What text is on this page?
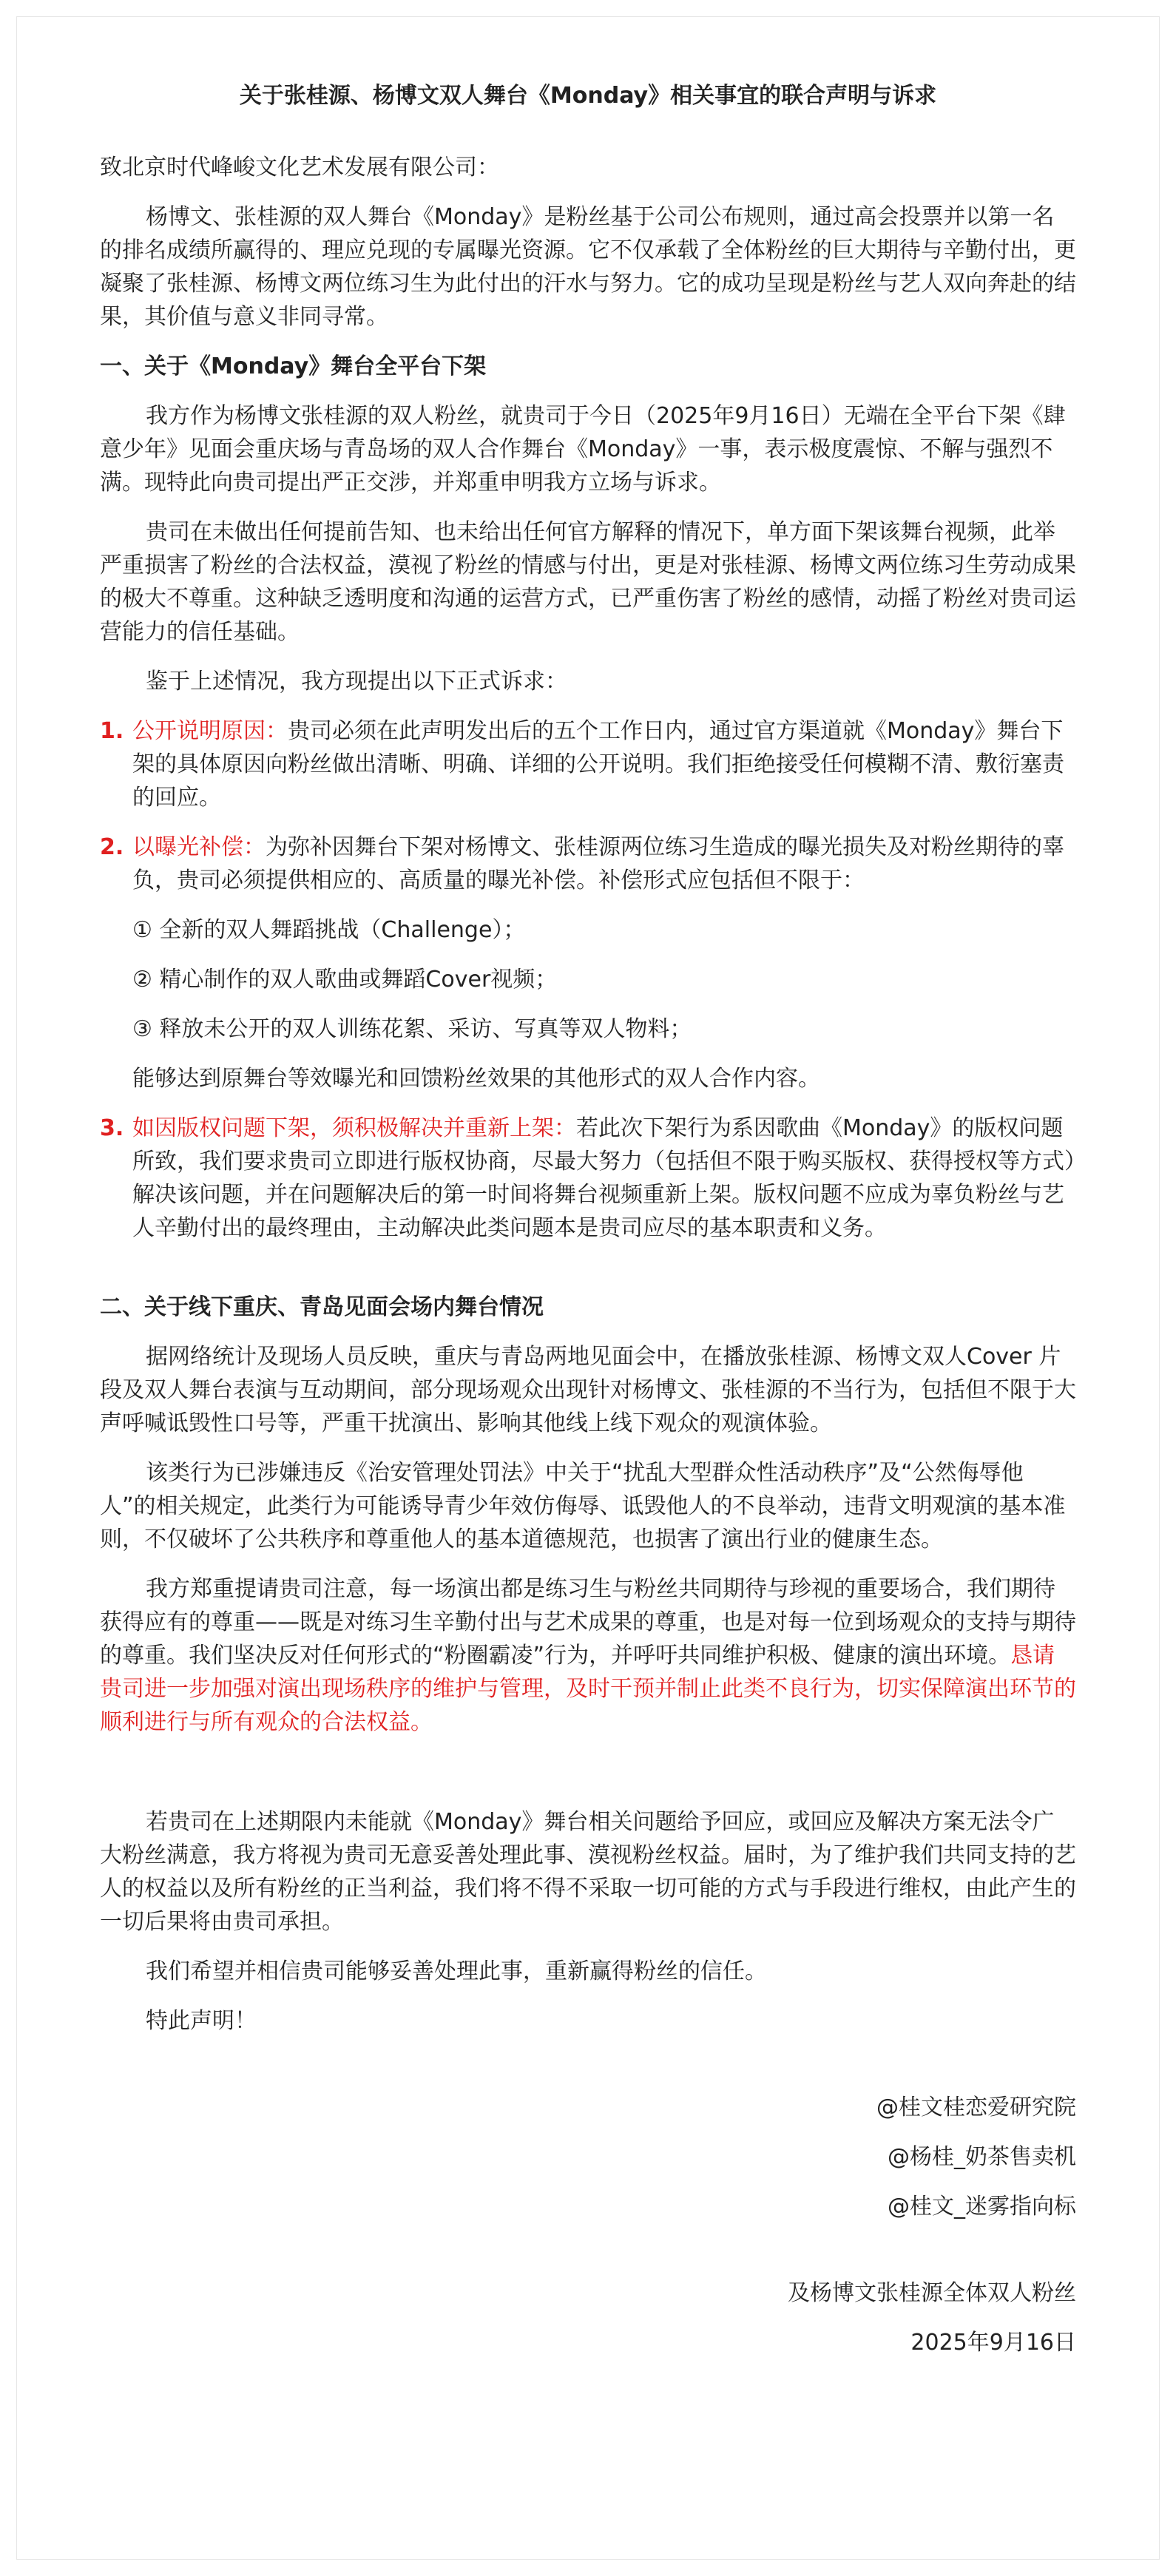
关于张桂源、杨博文双人舞台《Monday》相关事宜的联合声明与诉求

致北京时代峰峻文化艺术发展有限公司：

杨博文、张桂源的双人舞台《Monday》是粉丝基于公司公布规则，通过高会投票并以第一名的排名成绩所赢得的、理应兑现的专属曝光资源。它不仅承载了全体粉丝的巨大期待与辛勤付出，更凝聚了张桂源、杨博文两位练习生为此付出的汗水与努力。它的成功呈现是粉丝与艺人双向奔赴的结果，其价值与意义非同寻常。

一、关于《Monday》舞台全平台下架

我方作为杨博文张桂源的双人粉丝，就贵司于今日（2025年9月16日）无端在全平台下架《肆意少年》见面会重庆场与青岛场的双人合作舞台《Monday》一事，表示极度震惊、不解与强烈不满。现特此向贵司提出严正交涉，并郑重申明我方立场与诉求。

贵司在未做出任何提前告知、也未给出任何官方解释的情况下，单方面下架该舞台视频，此举严重损害了粉丝的合法权益，漠视了粉丝的情感与付出，更是对张桂源、杨博文两位练习生劳动成果的极大不尊重。这种缺乏透明度和沟通的运营方式，已严重伤害了粉丝的感情，动摇了粉丝对贵司运营能力的信任基础。

鉴于上述情况，我方现提出以下正式诉求：

1. 公开说明原因：贵司必须在此声明发出后的五个工作日内，通过官方渠道就《Monday》舞台下架的具体原因向粉丝做出清晰、明确、详细的公开说明。我们拒绝接受任何模糊不清、敷衍塞责的回应。
2. 以曝光补偿：为弥补因舞台下架对杨博文、张桂源两位练习生造成的曝光损失及对粉丝期待的辜负，贵司必须提供相应的、高质量的曝光补偿。补偿形式应包括但不限于：
① 全新的双人舞蹈挑战（Challenge）；
② 精心制作的双人歌曲或舞蹈Cover视频；
③ 释放未公开的双人训练花絮、采访、写真等双人物料；
能够达到原舞台等效曝光和回馈粉丝效果的其他形式的双人合作内容。
3. 如因版权问题下架，须积极解决并重新上架：若此次下架行为系因歌曲《Monday》的版权问题所致，我们要求贵司立即进行版权协商，尽最大努力（包括但不限于购买版权、获得授权等方式）解决该问题，并在问题解决后的第一时间将舞台视频重新上架。版权问题不应成为辜负粉丝与艺人辛勤付出的最终理由，主动解决此类问题本是贵司应尽的基本职责和义务。

二、关于线下重庆、青岛见面会场内舞台情况

据网络统计及现场人员反映，重庆与青岛两地见面会中，在播放张桂源、杨博文双人Cover 片段及双人舞台表演与互动期间，部分现场观众出现针对杨博文、张桂源的不当行为，包括但不限于大声呼喊诋毁性口号等，严重干扰演出、影响其他线上线下观众的观演体验。

该类行为已涉嫌违反《治安管理处罚法》中关于“扰乱大型群众性活动秩序”及“公然侮辱他人”的相关规定，此类行为可能诱导青少年效仿侮辱、诋毁他人的不良举动，违背文明观演的基本准则，不仅破坏了公共秩序和尊重他人的基本道德规范，也损害了演出行业的健康生态。

我方郑重提请贵司注意，每一场演出都是练习生与粉丝共同期待与珍视的重要场合，我们期待获得应有的尊重——既是对练习生辛勤付出与艺术成果的尊重，也是对每一位到场观众的支持与期待的尊重。我们坚决反对任何形式的“粉圈霸凌”行为，并呼吁共同维护积极、健康的演出环境。恳请贵司进一步加强对演出现场秩序的维护与管理，及时干预并制止此类不良行为，切实保障演出环节的顺利进行与所有观众的合法权益。

若贵司在上述期限内未能就《Monday》舞台相关问题给予回应，或回应及解决方案无法令广大粉丝满意，我方将视为贵司无意妥善处理此事、漠视粉丝权益。届时，为了维护我们共同支持的艺人的权益以及所有粉丝的正当利益，我们将不得不采取一切可能的方式与手段进行维权，由此产生的一切后果将由贵司承担。

我们希望并相信贵司能够妥善处理此事，重新赢得粉丝的信任。

特此声明！

@桂文桂恋爱研究院
@杨桂_奶茶售卖机
@桂文_迷雾指向标
及杨博文张桂源全体双人粉丝
2025年9月16日
